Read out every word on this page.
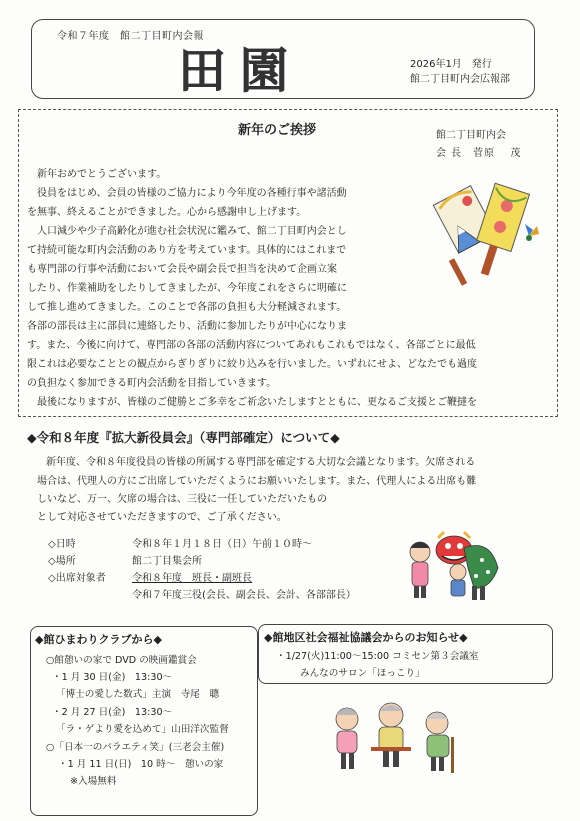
令和７年度　館二丁目町内会報
田園	2026年1月　発行
館二丁目町内会広報部
新年のご挨拶	館二丁目町内会
会 長　菅原　 茂
新年おめでとうございます。
役員をはじめ、会員の皆様のご協力により今年度の各種行事や諸活動
を無事、終えることができました。心から感謝申し上げます。
人口減少や少子高齢化が進む社会状況に鑑みて、館二丁目町内会とし
て持続可能な町内会活動のあり方を考えています。具体的にはこれまで
も専門部の行事や活動において会長や副会長で担当を決めて企画立案
したり、作業補助をしたりしてきましたが、今年度これをさらに明確に
して推し進めてきました。このことで各部の負担も大分軽減されます。
各部の部長は主に部員に連絡したり、活動に参加したりが中心になりま
す。また、今後に向けて、専門部の各部の活動内容についてあれもこれもではなく、各部ごとに最低
限これは必要なこととの観点からぎりぎりに絞り込みを行いました。いずれにせよ、どなたでも過度
の負担なく参加できる町内会活動を目指していきます。
最後になりますが、皆様のご健勝とご多幸をご祈念いたしますとともに、更なるご支援とご鞭撻を
◆令和８年度『拡大新役員会』（専門部確定）について◆
新年度、令和８年度役員の皆様の所属する専門部を確定する大切な会議となります。欠席される
場合は、代理人の方にご出席していただくようにお願いいたします。また、代理人による出席も難
しいなど、万一、欠席の場合は、三役に一任していただいたもの
として対応させていただきますので、ご了承ください。
◇日時	令和８年１月１８日（日）午前１０時～
◇場所	館二丁目集会所
◇出席対象者	令和８年度　班長・副班長
令和７年度三役(会長、副会長、会計、各部部長）
◆館ひまわりクラブから◆
○館憩いの家で DVD の映画鑑賞会
・1 月 30 日(金)　13:30～
「博士の愛した数式」主演　寺尾　聰
・2 月 27 日(金)　13:30～
「ラ・ゲより愛を込めて」山田洋次監督
○「日本一のバラエティ笑」(三老会主催)
・1 月 11 日(日)　10 時～　憩いの家
※入場無料
◆館地区社会福祉協議会からのお知らせ◆
・1/27(火)11:00～15:00 コミセン第３会議室
みんなのサロン「ほっこり」
